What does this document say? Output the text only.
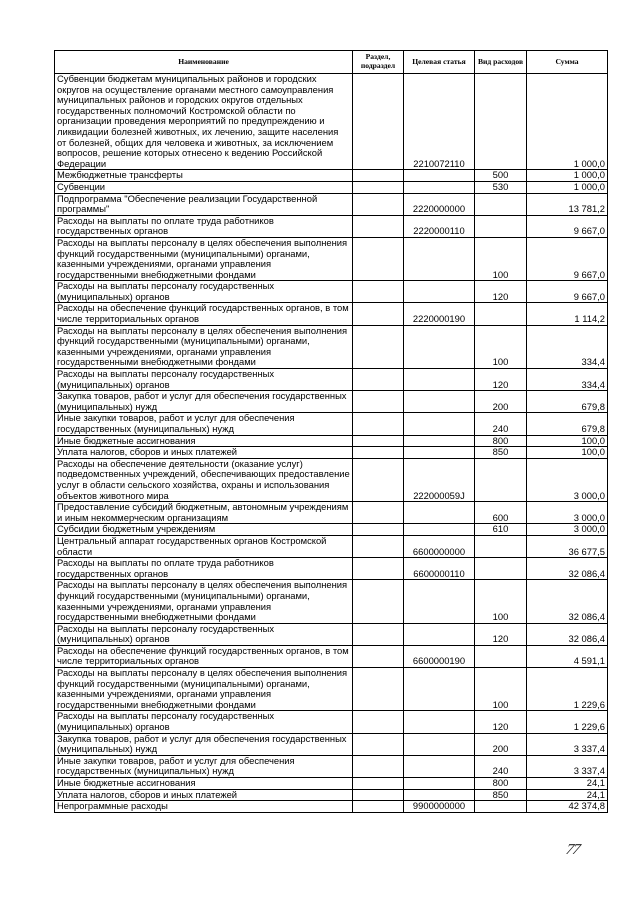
Наименование	Раздел, подраздел	Целевая статья	Вид расходов	Сумма
Субвенции бюджетам муниципальных районов и городских округов на осуществление органами местного самоуправления муниципальных районов и городских округов отдельных государственных полномочий Костромской области по организации проведения мероприятий по предупреждению и ликвидации болезней животных, их лечению, защите населения от болезней, общих для человека и животных, за исключением вопросов, решение которых отнесено к ведению Российской Федерации		2210072110		1 000,0
Межбюджетные трансферты			500	1 000,0
Субвенции			530	1 000,0
Подпрограмма "Обеспечение реализации Государственной программы"		2220000000		13 781,2
Расходы на выплаты по оплате труда работников государственных органов		2220000110		9 667,0
Расходы на выплаты персоналу в целях обеспечения выполнения функций государственными (муниципальными) органами, казенными учреждениями, органами управления государственными внебюджетными фондами			100	9 667,0
Расходы на выплаты персоналу государственных (муниципальных) органов			120	9 667,0
Расходы на обеспечение функций государственных органов, в том числе территориальных органов		2220000190		1 114,2
Расходы на выплаты персоналу в целях обеспечения выполнения функций государственными (муниципальными) органами, казенными учреждениями, органами управления государственными внебюджетными фондами			100	334,4
Расходы на выплаты персоналу государственных (муниципальных) органов			120	334,4
Закупка товаров, работ и услуг для обеспечения государственных (муниципальных) нужд			200	679,8
Иные закупки товаров, работ и услуг для обеспечения государственных (муниципальных) нужд			240	679,8
Иные бюджетные ассигнования			800	100,0
Уплата налогов, сборов и иных платежей			850	100,0
Расходы на обеспечение деятельности (оказание услуг) подведомственных учреждений, обеспечивающих предоставление услуг в области сельского хозяйства, охраны и использования объектов животного мира		222000059J		3 000,0
Предоставление субсидий бюджетным, автономным учреждениям и иным некоммерческим организациям			600	3 000,0
Субсидии бюджетным учреждениям			610	3 000,0
Центральный аппарат государственных органов Костромской области		6600000000		36 677,5
Расходы на выплаты по оплате труда работников государственных органов		6600000110		32 086,4
Расходы на выплаты персоналу в целях обеспечения выполнения функций государственными (муниципальными) органами, казенными учреждениями, органами управления государственными внебюджетными фондами			100	32 086,4
Расходы на выплаты персоналу государственных (муниципальных) органов			120	32 086,4
Расходы на обеспечение функций государственных органов, в том числе территориальных органов		6600000190		4 591,1
Расходы на выплаты персоналу в целях обеспечения выполнения функций государственными (муниципальными) органами, казенными учреждениями, органами управления государственными внебюджетными фондами			100	1 229,6
Расходы на выплаты персоналу государственных (муниципальных) органов			120	1 229,6
Закупка товаров, работ и услуг для обеспечения государственных (муниципальных) нужд			200	3 337,4
Иные закупки товаров, работ и услуг для обеспечения государственных (муниципальных) нужд			240	3 337,4
Иные бюджетные ассигнования			800	24,1
Уплата налогов, сборов и иных платежей			850	24,1
Непрограммные расходы		9900000000		42 374,8
77
